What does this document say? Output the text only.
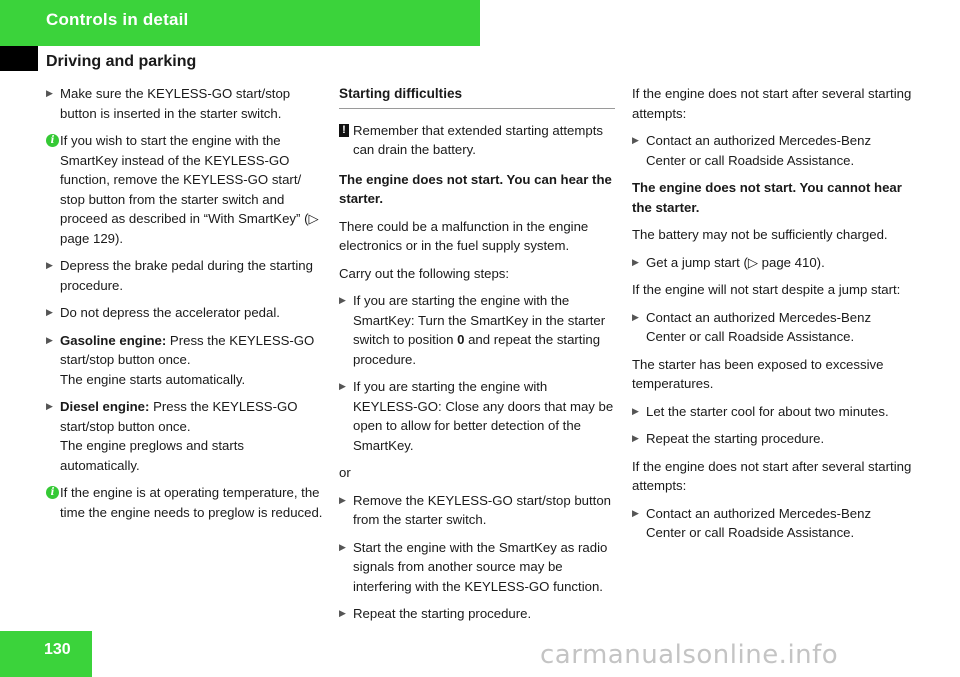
Controls in detail
Driving and parking
▶ Make sure the KEYLESS-GO start/stop button is inserted in the starter switch.
i If you wish to start the engine with the SmartKey instead of the KEYLESS-GO function, remove the KEYLESS-GO start/ stop button from the starter switch and proceed as described in “With SmartKey” (▷ page 129).
▶ Depress the brake pedal during the starting procedure.
▶ Do not depress the accelerator pedal.
▶ Gasoline engine: Press the KEYLESS-GO start/stop button once.

The engine starts automatically.

▶ Diesel engine: Press the KEYLESS-GO start/stop button once.

The engine preglows and starts automatically.

i If the engine is at operating temperature, the time the engine needs to preglow is reduced.
Starting difficulties
! Remember that extended starting attempts can drain the battery.

The engine does not start. You can hear the starter.

There could be a malfunction in the engine electronics or in the fuel supply system.

Carry out the following steps:

▶ If you are starting the engine with the SmartKey: Turn the SmartKey in the starter switch to position 0 and repeat the starting procedure.
▶ If you are starting the engine with KEYLESS-GO: Close any doors that may be open to allow for better detection of the SmartKey.

or

▶ Remove the KEYLESS-GO start/stop button from the starter switch.
▶ Start the engine with the SmartKey as radio signals from another source may be interfering with the KEYLESS-GO function.
▶ Repeat the starting procedure.

If the engine does not start after several starting attempts:

▶ Contact an authorized Mercedes-Benz Center or call Roadside Assistance.

The engine does not start. You cannot hear the starter.

The battery may not be sufficiently charged.

▶ Get a jump start (▷ page 410).

If the engine will not start despite a jump start:

▶ Contact an authorized Mercedes-Benz Center or call Roadside Assistance.

The starter has been exposed to excessive temperatures.

▶ Let the starter cool for about two minutes.
▶ Repeat the starting procedure.

If the engine does not start after several starting attempts:

▶ Contact an authorized Mercedes-Benz Center or call Roadside Assistance.
130	carmanualsonline.info
